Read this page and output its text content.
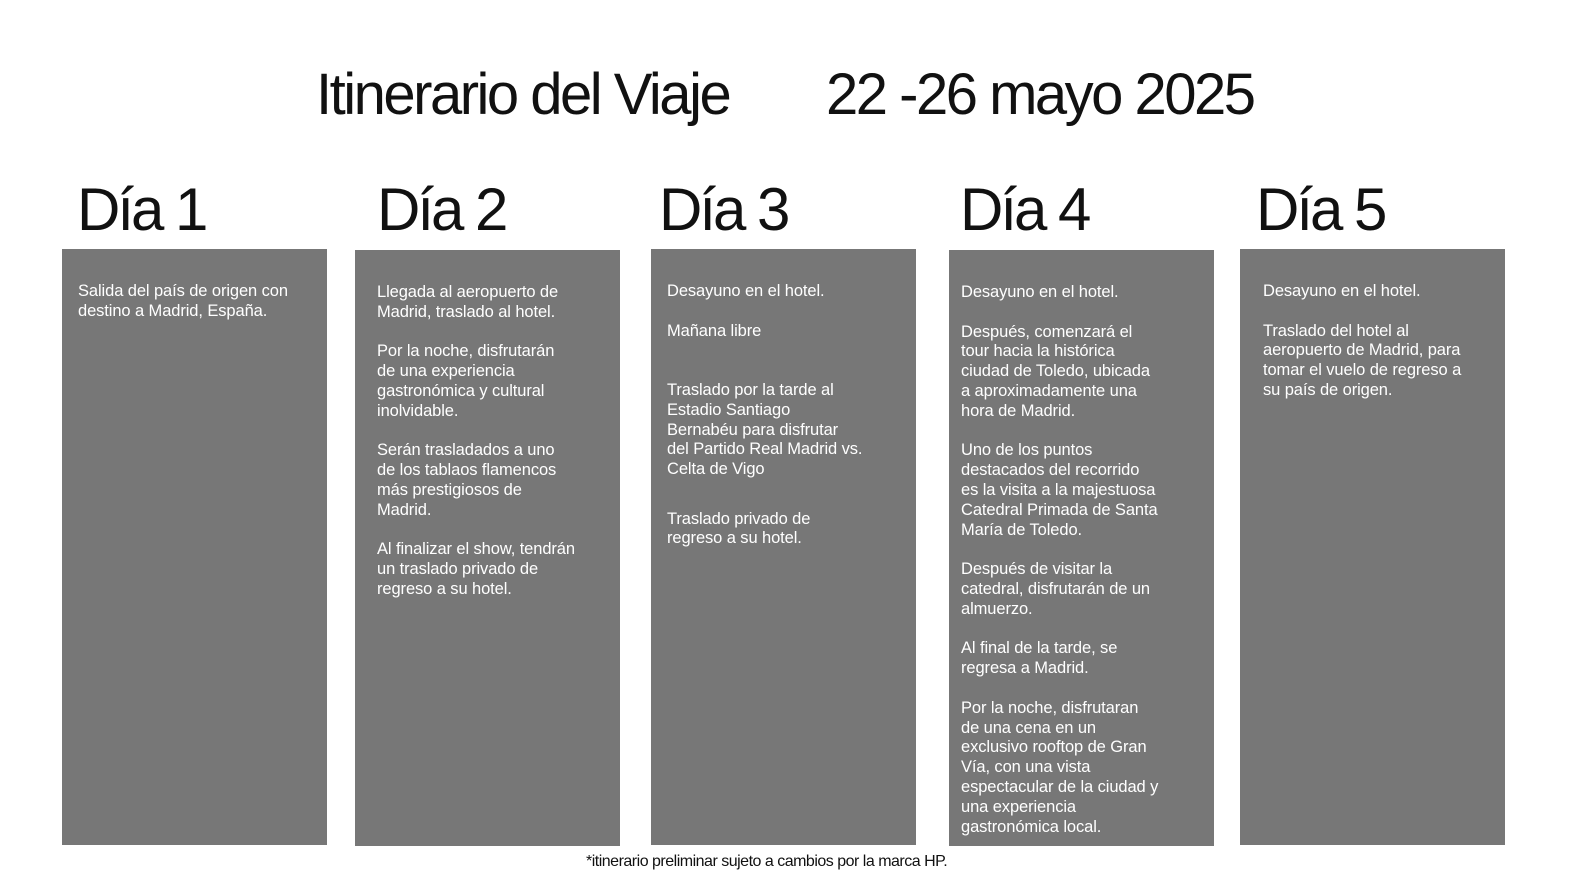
Itinerario del Viaje 22 -26 mayo 2025
Día 1

Salida del país de origen con
destino a Madrid, España.

Día 2

Llegada al aeropuerto de
Madrid, traslado al hotel.

Por la noche, disfrutarán
de una experiencia
gastronómica y cultural
inolvidable.

Serán trasladados a uno
de los tablaos flamencos
más prestigiosos de
Madrid.

Al finalizar el show, tendrán
un traslado privado de
regreso a su hotel.

Día 3

Desayuno en el hotel.

Mañana libre

Traslado por la tarde al
Estadio Santiago
Bernabéu para disfrutar
del Partido Real Madrid vs.
Celta de Vigo

Traslado privado de
regreso a su hotel.

Día 4

Desayuno en el hotel.

Después, comenzará el
tour hacia la histórica
ciudad de Toledo, ubicada
a aproximadamente una
hora de Madrid.

Uno de los puntos
destacados del recorrido
es la visita a la majestuosa
Catedral Primada de Santa
María de Toledo.

Después de visitar la
catedral, disfrutarán de un
almuerzo.

Al final de la tarde, se
regresa a Madrid.

Por la noche, disfrutaran
de una cena en un
exclusivo rooftop de Gran
Vía, con una vista
espectacular de la ciudad y
una experiencia
gastronómica local.

Día 5

Desayuno en el hotel.

Traslado del hotel al
aeropuerto de Madrid, para
tomar el vuelo de regreso a
su país de origen.

*itinerario preliminar sujeto a cambios por la marca HP.
